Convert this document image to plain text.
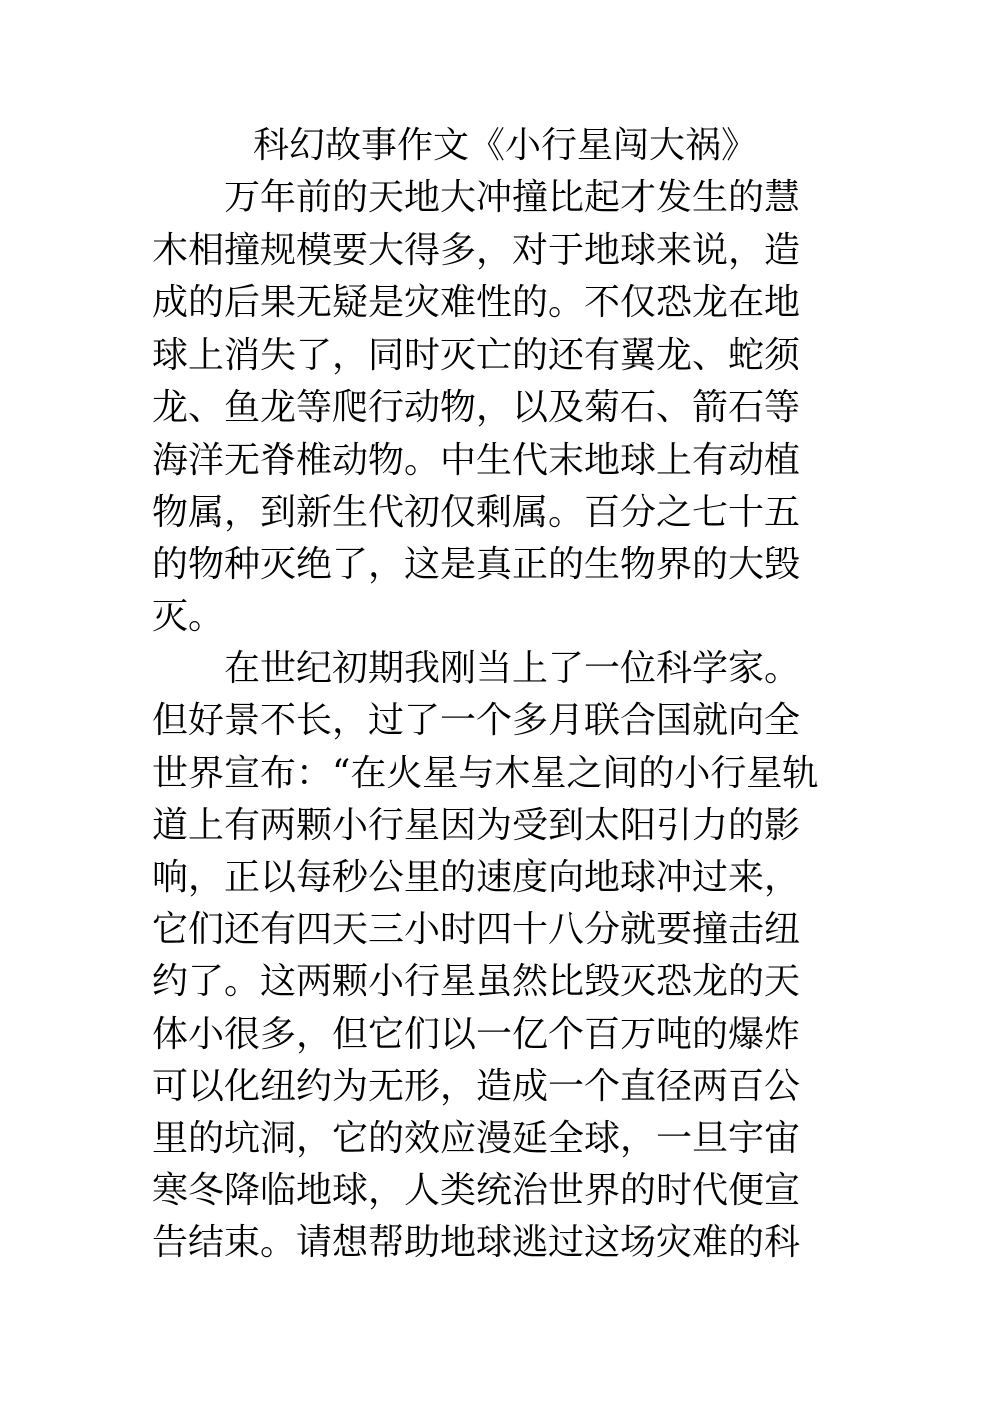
科幻故事作文《小行星闯大祸》
万年前的天地大冲撞比起才发生的慧
木相撞规模要大得多，对于地球来说，造
成的后果无疑是灾难性的。不仅恐龙在地
球上消失了，同时灭亡的还有翼龙、蛇须
龙、鱼龙等爬行动物，以及菊石、箭石等
海洋无脊椎动物。中生代末地球上有动植
物属，到新生代初仅剩属。百分之七十五
的物种灭绝了，这是真正的生物界的大毁
灭。
在世纪初期我刚当上了一位科学家。
但好景不长，过了一个多月联合国就向全
世界宣布：“在火星与木星之间的小行星轨
道上有两颗小行星因为受到太阳引力的影
响，正以每秒公里的速度向地球冲过来，
它们还有四天三小时四十八分就要撞击纽
约了。这两颗小行星虽然比毁灭恐龙的天
体小很多，但它们以一亿个百万吨的爆炸
可以化纽约为无形，造成一个直径两百公
里的坑洞，它的效应漫延全球，一旦宇宙
寒冬降临地球，人类统治世界的时代便宣
告结束。请想帮助地球逃过这场灾难的科
